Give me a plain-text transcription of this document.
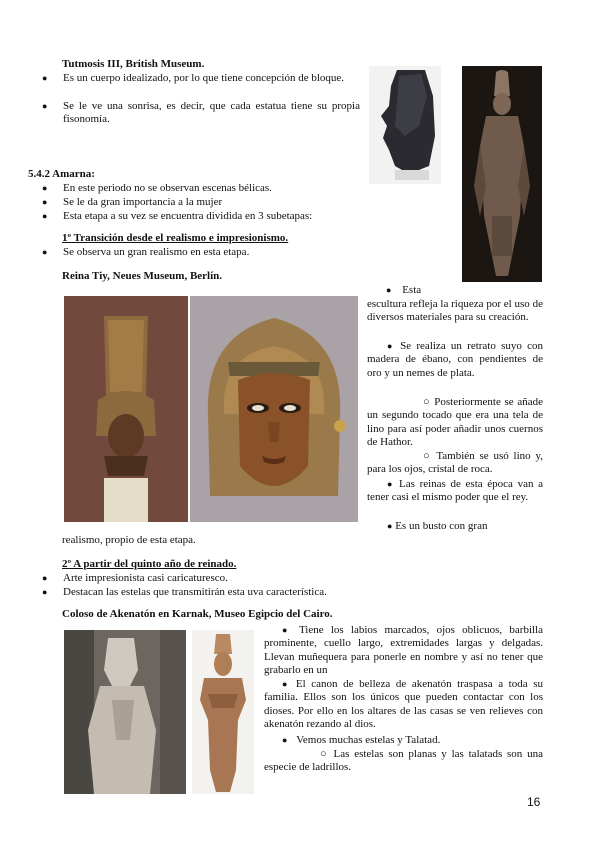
Tutmosis III, British Museum.
● Es un cuerpo idealizado, por lo que tiene concepción de bloque.
● Se le ve una sonrisa, es decir, que cada estatua tiene su propia fisonomía.
5.4.2 Amarna:
● En este periodo no se observan escenas bélicas.
● Se le da gran importancia a la mujer
● Esta etapa a su vez se encuentra dividida en 3 subetapas:
1º Transición desde el realismo e impresionismo.
● Se observa un gran realismo en esta etapa.
Reina Tiy, Neues Museum, Berlín.
● Esta
escultura refleja la riqueza por el uso de diversos materiales para su creación.
● Se realiza un retrato suyo con madera de ébano, con pendientes de oro y un nemes de plata.
○ Posteriormente se añade un segundo tocado que era una tela de lino para así poder añadir unos cuernos de Hathor.
○ También se usó lino y, para los ojos, cristal de roca.
● Las reinas de esta época van a tener casi el mismo poder que el rey.
● Es un busto con gran
realismo, propio de esta etapa.
2º A partir del quinto año de reinado.
● Arte impresionista casi caricaturesco.
● Destacan las estelas que transmitirán esta uva característica.
Coloso de Akenatón en Karnak, Museo Egipcio del Cairo.
● Tiene los labios marcados, ojos oblicuos, barbilla prominente, cuello largo, extremidades largas y delgadas. Llevan muñequera para ponerle en nombre y así no tener que grabarlo en un
● El canon de belleza de akenatón traspasa a toda su familia. Ellos son los únicos que pueden contactar con los dioses. Por ello en los altares de las casas se ven relieves con akenatón rezando al dios.
● Vemos muchas estelas y Talatad.
○ Las estelas son planas y las talatads son una especie de ladrillos.
16
